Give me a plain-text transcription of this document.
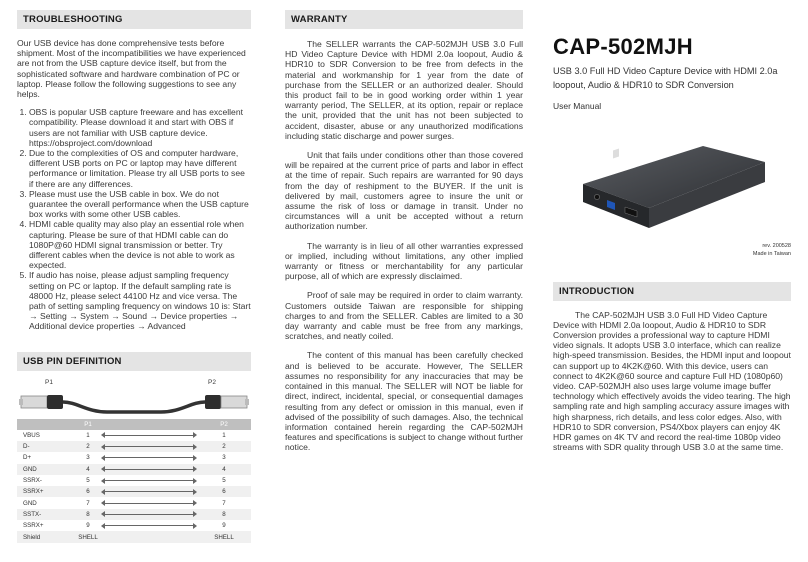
TROUBLESHOOTING

Our USB device has done comprehensive tests before shipment. Most of the incompatibilities we have experienced are not from the USB capture device itself, but from the sophisticated software and hardware combination of PC or laptop. Please follow the following suggestions to see any helps.

1. OBS is popular USB capture freeware and has excellent compatibility. Please download it and start with OBS if users are not familiar with USB capture device.
https://obsproject.com/download
2. Due to the complexities of OS and computer hardware, different USB ports on PC or laptop may have different performance or limitation. Please try all USB ports to see if there are any differences.
3. Please must use the USB cable in box. We do not guarantee the overall performance when the USB capture box works with some other USB cables.
4. HDMI cable quality may also play an essential role when capturing. Please be sure of that HDMI cable can do 1080P@60 HDMI signal transmission or better. Try different cables when the device is not able to work as expected.
5. If audio has noise, please adjust sampling frequency setting on PC or laptop. If the default sampling rate is 48000 Hz, please select 44100 Hz and vice versa. The path of setting sampling frequency on windows 10 is: Start → Setting → System → Sound → Device properties → Additional device properties → Advanced
USB PIN DEFINITION
P1	P2
	P1		P2
VBUS	1		1
D-	2		2
D+	3		3
GND	4		4
SSRX-	5		5
SSRX+	6		6
GND	7		7
SSTX-	8		8
SSRX+	9		9
Shield	SHELL		SHELL
WARRANTY

The SELLER warrants the CAP-502MJH USB 3.0 Full HD Video Capture Device with HDMI 2.0a loopout, Audio & HDR10 to SDR Conversion to be free from defects in the material and workmanship for 1 year from the date of purchase from the SELLER or an authorized dealer. Should this product fail to be in good working order within 1 year warranty period, The SELLER, at its option, repair or replace the unit, provided that the unit has not been subjected to accident, disaster, abuse or any unauthorized modifications including static discharge and power surges.

Unit that fails under conditions other than those covered will be repaired at the current price of parts and labor in effect at the time of repair. Such repairs are warranted for 90 days from the day of reshipment to the BUYER. If the unit is delivered by mail, customers agree to insure the unit or assume the risk of loss or damage in transit. Under no circumstances will a unit be accepted without a return authorization number.

The warranty is in lieu of all other warranties expressed or implied, including without limitations, any other implied warranty or fitness or merchantability for any particular purpose, all of which are expressly disclaimed.

Proof of sale may be required in order to claim warranty. Customers outside Taiwan are responsible for shipping charges to and from the SELLER. Cables are limited to a 30 day warranty and cable must be free from any markings, scratches, and neatly coiled.

The content of this manual has been carefully checked and is believed to be accurate. However, The SELLER assumes no responsibility for any inaccuracies that may be contained in this manual. The SELLER will NOT be liable for direct, indirect, incidental, special, or consequential damages resulting from any defect or omission in this manual, even if advised of the possibility of such damages. Also, the technical information contained herein regarding the CAP-502MJH features and specifications is subject to change without further notice.

CAP-502MJH
USB 3.0 Full HD Video Capture Device with HDMI 2.0a loopout, Audio & HDR10 to SDR Conversion
User Manual
rev. 200528
Made in Taiwan
INTRODUCTION

The CAP-502MJH USB 3.0 Full HD Video Capture Device with HDMI 2.0a loopout, Audio & HDR10 to SDR Conversion provides a professional way to capture HDMI video signals. It adopts USB 3.0 interface, which can realize high-speed transmission. Besides, the HDMI input and loopout can support up to 4K2K@60. With this device, users can connect to 4K2K@60 source and capture Full HD (1080p60) video. CAP-502MJH also uses large volume image buffer technology which effectively avoids the video tearing. The high sampling rate and high sampling accuracy assure images with high sharpness, rich details, and less color edges. Also, with HDR10 to SDR conversion, PS4/Xbox players can enjoy 4K HDR games on 4K TV and record the real-time 1080p video streams with SDR quality through USB 3.0 at the same time.
